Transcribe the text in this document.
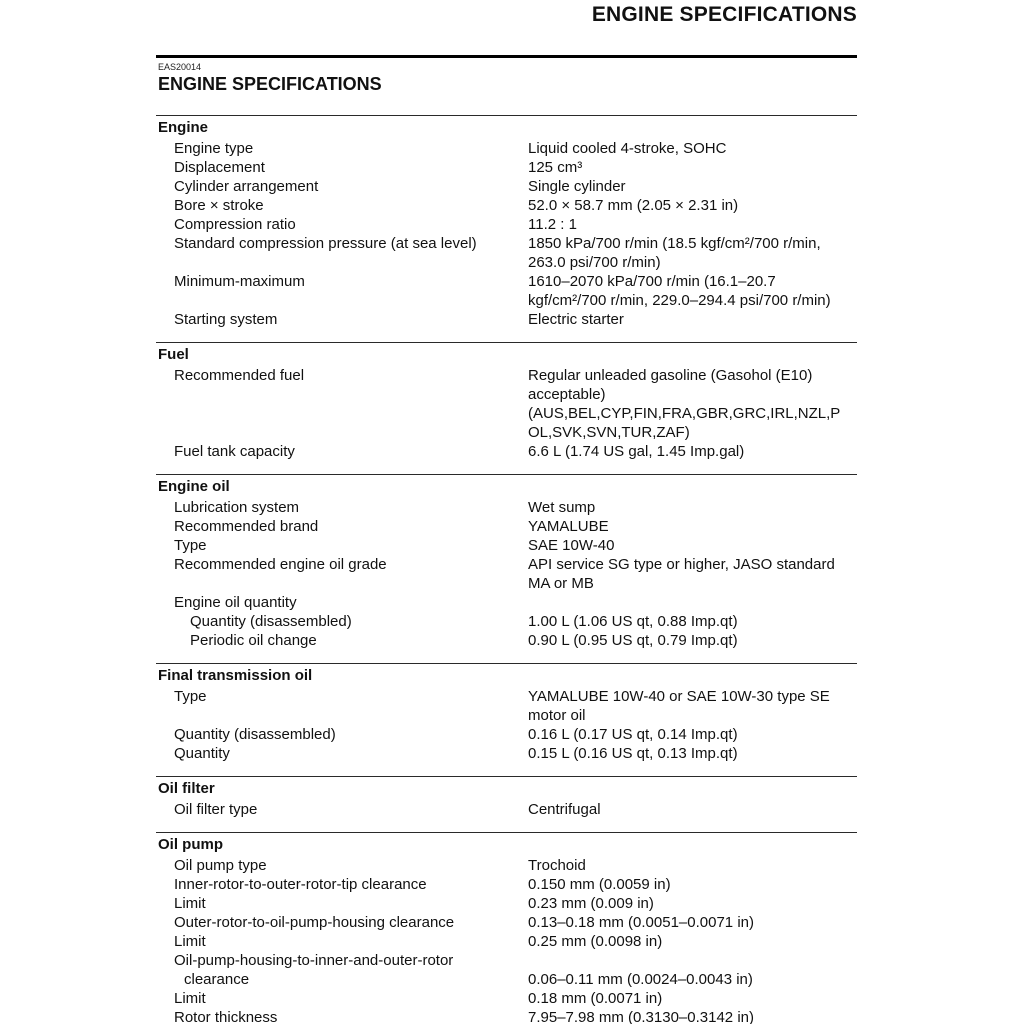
ENGINE SPECIFICATIONS
EAS20014
ENGINE SPECIFICATIONS
Engine
Engine type	Liquid cooled 4-stroke, SOHC
Displacement	125 cm³
Cylinder arrangement	Single cylinder
Bore × stroke	52.0 × 58.7 mm (2.05 × 2.31 in)
Compression ratio	11.2 : 1
Standard compression pressure (at sea level)	1850 kPa/700 r/min (18.5 kgf/cm²/700 r/min,
263.0 psi/700 r/min)
Minimum-maximum	1610–2070 kPa/700 r/min (16.1–20.7
kgf/cm²/700 r/min, 229.0–294.4 psi/700 r/min)
Starting system	Electric starter
Fuel
Recommended fuel	Regular unleaded gasoline (Gasohol (E10)
acceptable)
(AUS,BEL,CYP,FIN,FRA,GBR,GRC,IRL,NZL,P
OL,SVK,SVN,TUR,ZAF)
Fuel tank capacity	6.6 L (1.74 US gal, 1.45 Imp.gal)
Engine oil
Lubrication system	Wet sump
Recommended brand	YAMALUBE
Type	SAE 10W-40
Recommended engine oil grade	API service SG type or higher, JASO standard
MA or MB
Engine oil quantity
Quantity (disassembled)	1.00 L (1.06 US qt, 0.88 Imp.qt)
Periodic oil change	0.90 L (0.95 US qt, 0.79 Imp.qt)
Final transmission oil
Type	YAMALUBE 10W-40 or SAE 10W-30 type SE
motor oil
Quantity (disassembled)	0.16 L (0.17 US qt, 0.14 Imp.qt)
Quantity	0.15 L (0.16 US qt, 0.13 Imp.qt)
Oil filter
Oil filter type	Centrifugal
Oil pump
Oil pump type	Trochoid
Inner-rotor-to-outer-rotor-tip clearance	0.150 mm (0.0059 in)
Limit	0.23 mm (0.009 in)
Outer-rotor-to-oil-pump-housing clearance	0.13–0.18 mm (0.0051–0.0071 in)
Limit	0.25 mm (0.0098 in)
Oil-pump-housing-to-inner-and-outer-rotor
clearance	0.06–0.11 mm (0.0024–0.0043 in)
Limit	0.18 mm (0.0071 in)
Rotor thickness	7.95–7.98 mm (0.3130–0.3142 in)
